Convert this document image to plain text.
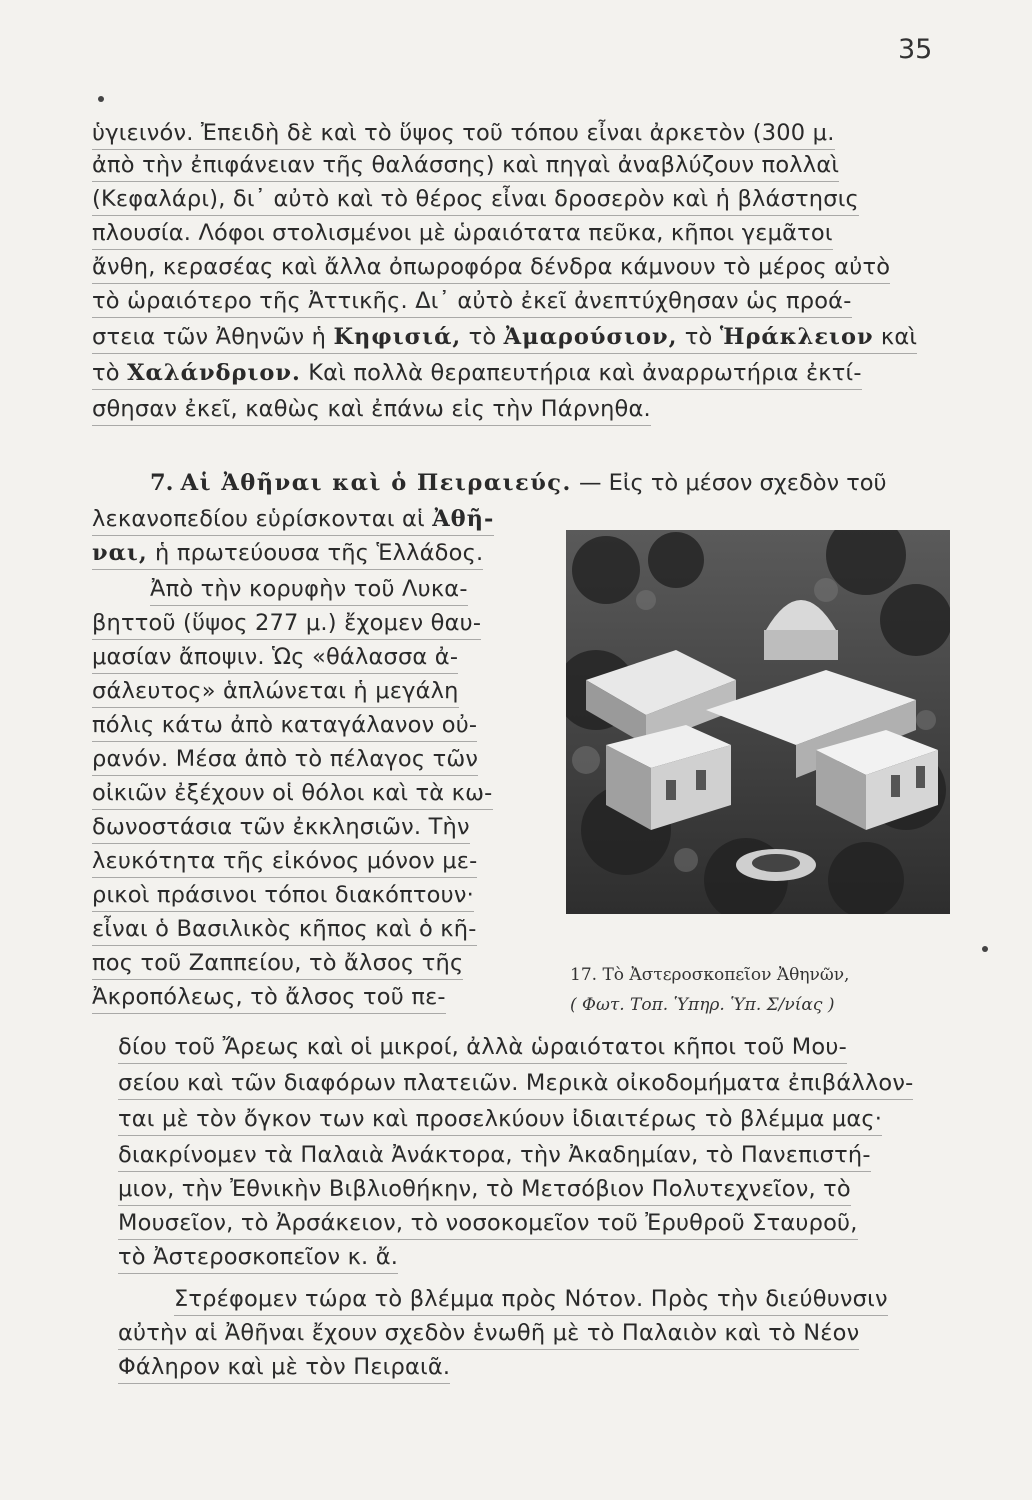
35
ὑγιεινόν. Ἐπειδὴ δὲ καὶ τὸ ὕψος τοῦ τόπου εἶναι ἀρκετὸν (300 μ.
ἀπὸ τὴν ἐπιφάνειαν τῆς θαλάσσης) καὶ πηγαὶ ἀναβλύζουν πολλαὶ
(Κεφαλάρι), δι᾽ αὐτὸ καὶ τὸ θέρος εἶναι δροσερὸν καὶ ἡ βλάστησις
πλουσία. Λόφοι στολισμένοι μὲ ὡραιότατα πεῦκα, κῆποι γεμᾶτοι
ἄνθη, κερασέας καὶ ἄλλα ὀπωροφόρα δένδρα κάμνουν τὸ μέρος αὐτὸ
τὸ ὡραιότερο τῆς Ἀττικῆς. Δι᾽ αὐτὸ ἐκεῖ ἀνεπτύχθησαν ὡς προά-
στεια τῶν Ἀθηνῶν ἡ Κηφισιά, τὸ Ἀμαρούσιον, τὸ Ἡράκλειον καὶ
τὸ Χαλάνδριον. Καὶ πολλὰ θεραπευτήρια καὶ ἀναρρωτήρια ἐκτί-
σθησαν ἐκεῖ, καθὼς καὶ ἐπάνω εἰς τὴν Πάρνηθα.
7. Αἱ Ἀθῆναι καὶ ὁ Πειραιεύς. — Εἰς τὸ μέσον σχεδὸν τοῦ
λεκανοπεδίου εὑρίσκονται αἱ Ἀθῆ-
ναι, ἡ πρωτεύουσα τῆς Ἑλλάδος.
Ἀπὸ τὴν κορυφὴν τοῦ Λυκα-
βηττοῦ (ὕψος 277 μ.) ἔχομεν θαυ-
μασίαν ἄποψιν. Ὡς «θάλασσα ἀ-
σάλευτος» ἁπλώνεται ἡ μεγάλη
πόλις κάτω ἀπὸ καταγάλανον οὐ-
ρανόν. Μέσα ἀπὸ τὸ πέλαγος τῶν
οἰκιῶν ἐξέχουν οἱ θόλοι καὶ τὰ κω-
δωνοστάσια τῶν ἐκκλησιῶν. Τὴν
λευκότητα τῆς εἰκόνος μόνον με-
ρικοὶ πράσινοι τόποι διακόπτουν·
εἶναι ὁ Βασιλικὸς κῆπος καὶ ὁ κῆ-
πος τοῦ Ζαππείου, τὸ ἄλσος τῆς
Ἀκροπόλεως, τὸ ἄλσος τοῦ πε-
17. Τὸ Ἀστεροσκοπεῖον Ἀθηνῶν,
( Φωτ. Τοπ. Ὑπηρ. Ὑπ. Σ/νίας )
δίου τοῦ Ἄρεως καὶ οἱ μικροί, ἀλλὰ ὡραιότατοι κῆποι τοῦ Μου-
σείου καὶ τῶν διαφόρων πλατειῶν. Μερικὰ οἰκοδομήματα ἐπιβάλλον-
ται μὲ τὸν ὄγκον των καὶ προσελκύουν ἰδιαιτέρως τὸ βλέμμα μας·
διακρίνομεν τὰ Παλαιὰ Ἀνάκτορα, τὴν Ἀκαδημίαν, τὸ Πανεπιστή-
μιον, τὴν Ἐθνικὴν Βιβλιοθήκην, τὸ Μετσόβιον Πολυτεχνεῖον, τὸ
Μουσεῖον, τὸ Ἀρσάκειον, τὸ νοσοκομεῖον τοῦ Ἐρυθροῦ Σταυροῦ,
τὸ Ἀστεροσκοπεῖον κ. ἄ.
Στρέφομεν τώρα τὸ βλέμμα πρὸς Νότον. Πρὸς τὴν διεύθυνσιν
αὐτὴν αἱ Ἀθῆναι ἔχουν σχεδὸν ἑνωθῆ μὲ τὸ Παλαιὸν καὶ τὸ Νέον
Φάληρον καὶ μὲ τὸν Πειραιᾶ.
